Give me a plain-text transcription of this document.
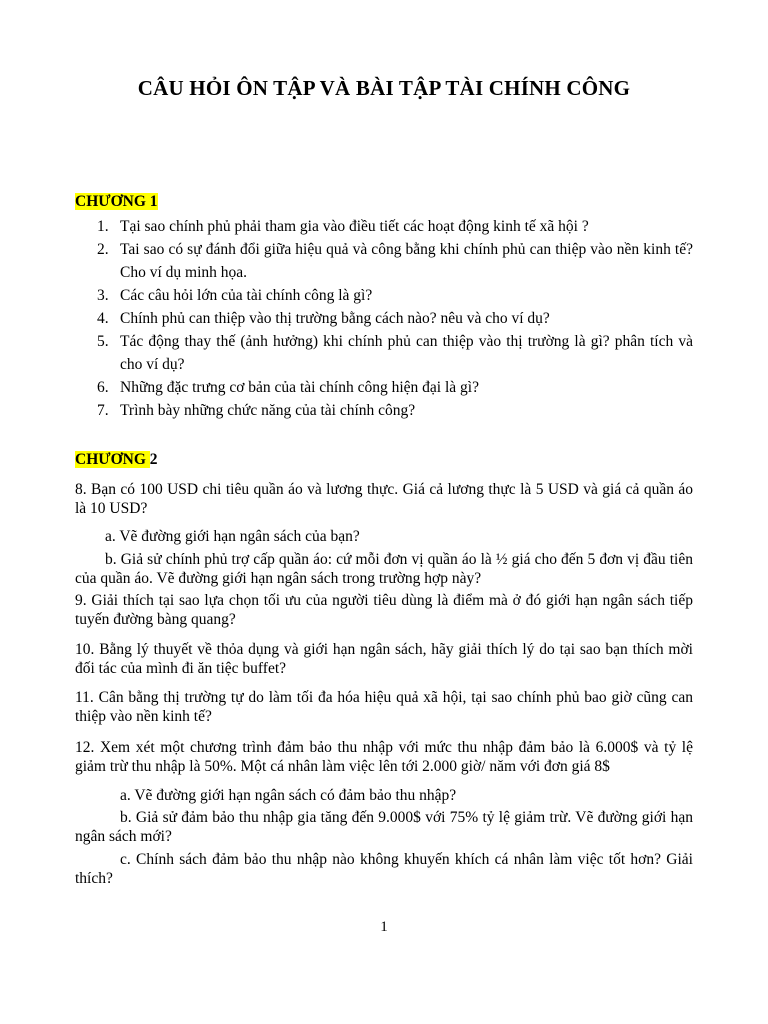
CÂU HỎI ÔN TẬP VÀ BÀI TẬP TÀI CHÍNH CÔNG
CHƯƠNG 1
1. Tại sao chính phủ phải tham gia vào điều tiết các hoạt động kinh tế xã hội ?
2. Tai sao có sự đánh đổi giữa hiệu quả và công bằng khi chính phủ can thiệp vào nền kinh tế? Cho ví dụ minh họa.
3. Các câu hỏi lớn của tài chính công là gì?
4. Chính phủ can thiệp vào thị trường bằng cách nào? nêu và cho ví dụ?
5. Tác động thay thế (ảnh hưởng) khi chính phủ can thiệp vào thị trường là gì? phân tích và cho ví dụ?
6. Những đặc trưng cơ bản của tài chính công hiện đại là gì?
7. Trình bày những chức năng của tài chính công?
CHƯƠNG 2

8. Bạn có 100 USD chi tiêu quần áo và lương thực. Giá cả lương thực là 5 USD và giá cả quần áo là 10 USD?

a. Vẽ đường giới hạn ngân sách của bạn?

b. Giả sử chính phủ trợ cấp quần áo: cứ mỗi đơn vị quần áo là ½ giá cho đến 5 đơn vị đầu tiên của quần áo. Vẽ đường giới hạn ngân sách trong trường hợp này?

9. Giải thích tại sao lựa chọn tối ưu của người tiêu dùng là điểm mà ở đó giới hạn ngân sách tiếp tuyến đường bàng quang?

10. Bằng lý thuyết về thỏa dụng và giới hạn ngân sách, hãy giải thích lý do tại sao bạn thích mời đối tác của mình đi ăn tiệc buffet?

11. Cân bằng thị trường tự do làm tối đa hóa hiệu quả xã hội, tại sao chính phủ bao giờ cũng can thiệp vào nền kinh tế?

12. Xem xét một chương trình đảm bảo thu nhập với mức thu nhập đảm bảo là 6.000$ và tỷ lệ giảm trừ thu nhập là 50%. Một cá nhân làm việc lên tới 2.000 giờ/ năm với đơn giá 8$

a. Vẽ đường giới hạn ngân sách có đảm bảo thu nhập?

b. Giả sử đảm bảo thu nhập gia tăng đến 9.000$ với 75% tỷ lệ giảm trừ. Vẽ đường giới hạn ngân sách mới?

c. Chính sách đảm bảo thu nhập nào không khuyến khích cá nhân làm việc tốt hơn? Giải thích?

1
